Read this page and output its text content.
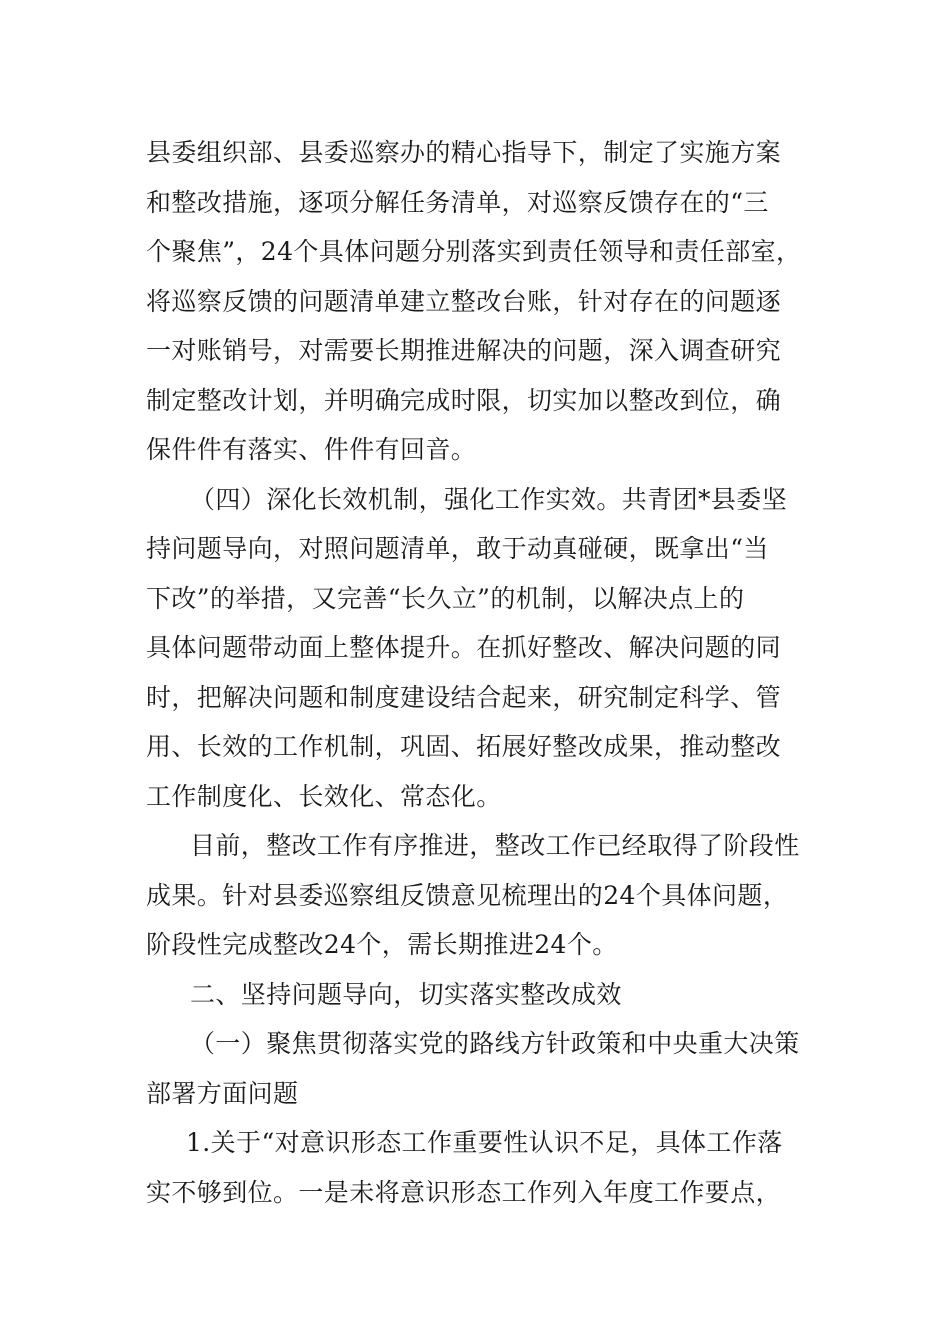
县委组织部、县委巡察办的精心指导下，制定了实施方案
和整改措施，逐项分解任务清单，对巡察反馈存在的“三
个聚焦”，24个具体问题分别落实到责任领导和责任部室，
将巡察反馈的问题清单建立整改台账，针对存在的问题逐
一对账销号，对需要长期推进解决的问题，深入调查研究
制定整改计划，并明确完成时限，切实加以整改到位，确
保件件有落实、件件有回音。
（四）深化长效机制，强化工作实效。共青团*县委坚
持问题导向，对照问题清单，敢于动真碰硬，既拿出“当
下改”的举措，又完善“长久立”的机制，以解决点上的
具体问题带动面上整体提升。在抓好整改、解决问题的同
时，把解决问题和制度建设结合起来，研究制定科学、管
用、长效的工作机制，巩固、拓展好整改成果，推动整改
工作制度化、长效化、常态化。
目前，整改工作有序推进，整改工作已经取得了阶段性
成果。针对县委巡察组反馈意见梳理出的24个具体问题，
阶段性完成整改24个，需长期推进24个。
二、坚持问题导向，切实落实整改成效
（一）聚焦贯彻落实党的路线方针政策和中央重大决策
部署方面问题
1.关于“对意识形态工作重要性认识不足，具体工作落
实不够到位。一是未将意识形态工作列入年度工作要点，
